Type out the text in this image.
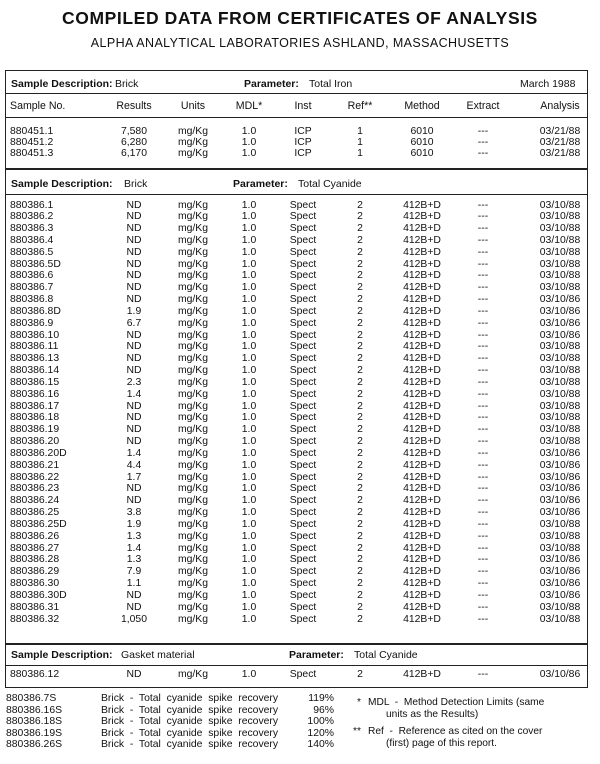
COMPILED DATA FROM CERTIFICATES OF ANALYSIS
ALPHA ANALYTICAL LABORATORIES ASHLAND, MASSACHUSETTS
Sample Description: Brick	Parameter: Total Iron	March 1988
Sample No.	Results	Units	MDL*	Inst	Ref**	Method	Extract	Analysis
880451.1	7,580	mg/Kg	1.0	ICP	1	6010	---	03/21/88
880451.2	6,280	mg/Kg	1.0	ICP	1	6010	---	03/21/88
880451.3	6,170	mg/Kg	1.0	ICP	1	6010	---	03/21/88
Sample Description: Brick	Parameter: Total Cyanide
880386.1	ND	mg/Kg	1.0	Spect	2	412B+D	---	03/10/88
880386.2	ND	mg/Kg	1.0	Spect	2	412B+D	---	03/10/88
880386.3	ND	mg/Kg	1.0	Spect	2	412B+D	---	03/10/88
880386.4	ND	mg/Kg	1.0	Spect	2	412B+D	---	03/10/88
880386.5	ND	mg/Kg	1.0	Spect	2	412B+D	---	03/10/88
880386.5D	ND	mg/Kg	1.0	Spect	2	412B+D	---	03/10/88
880386.6	ND	mg/Kg	1.0	Spect	2	412B+D	---	03/10/88
880386.7	ND	mg/Kg	1.0	Spect	2	412B+D	---	03/10/88
880386.8	ND	mg/Kg	1.0	Spect	2	412B+D	---	03/10/86
880386.8D	1.9	mg/Kg	1.0	Spect	2	412B+D	---	03/10/86
880386.9	6.7	mg/Kg	1.0	Spect	2	412B+D	---	03/10/86
880386.10	ND	mg/Kg	1.0	Spect	2	412B+D	---	03/10/86
880386.11	ND	mg/Kg	1.0	Spect	2	412B+D	---	03/10/88
880386.13	ND	mg/Kg	1.0	Spect	2	412B+D	---	03/10/88
880386.14	ND	mg/Kg	1.0	Spect	2	412B+D	---	03/10/88
880386.15	2.3	mg/Kg	1.0	Spect	2	412B+D	---	03/10/88
880386.16	1.4	mg/Kg	1.0	Spect	2	412B+D	---	03/10/88
880386.17	ND	mg/Kg	1.0	Spect	2	412B+D	---	03/10/88
880386.18	ND	mg/Kg	1.0	Spect	2	412B+D	---	03/10/88
880386.19	ND	mg/Kg	1.0	Spect	2	412B+D	---	03/10/88
880386.20	ND	mg/Kg	1.0	Spect	2	412B+D	---	03/10/88
880386.20D	1.4	mg/Kg	1.0	Spect	2	412B+D	---	03/10/86
880386.21	4.4	mg/Kg	1.0	Spect	2	412B+D	---	03/10/86
880386.22	1.7	mg/Kg	1.0	Spect	2	412B+D	---	03/10/86
880386.23	ND	mg/Kg	1.0	Spect	2	412B+D	---	03/10/86
880386.24	ND	mg/Kg	1.0	Spect	2	412B+D	---	03/10/86
880386.25	3.8	mg/Kg	1.0	Spect	2	412B+D	---	03/10/86
880386.25D	1.9	mg/Kg	1.0	Spect	2	412B+D	---	03/10/88
880386.26	1.3	mg/Kg	1.0	Spect	2	412B+D	---	03/10/88
880386.27	1.4	mg/Kg	1.0	Spect	2	412B+D	---	03/10/88
880386.28	1.3	mg/Kg	1.0	Spect	2	412B+D	---	03/10/86
880386.29	7.9	mg/Kg	1.0	Spect	2	412B+D	---	03/10/86
880386.30	1.1	mg/Kg	1.0	Spect	2	412B+D	---	03/10/86
880386.30D	ND	mg/Kg	1.0	Spect	2	412B+D	---	03/10/86
880386.31	ND	mg/Kg	1.0	Spect	2	412B+D	---	03/10/88
880386.32	1,050	mg/Kg	1.0	Spect	2	412B+D	---	03/10/88
Sample Description: Gasket material	Parameter: Total Cyanide
880386.12	ND	mg/Kg	1.0	Spect	2	412B+D	---	03/10/86
880386.7S	Brick  -  Total  cyanide  spike  recovery	119%
880386.16S	Brick  -  Total  cyanide  spike  recovery	96%
880386.18S	Brick  -  Total  cyanide  spike  recovery	100%
880386.19S	Brick  -  Total  cyanide  spike  recovery	120%
880386.26S	Brick  -  Total  cyanide  spike  recovery	140%
* MDL  -  Method Detection Limits (same
units as the Results)
** Ref  -  Reference as cited on the cover
(first) page of this report.
